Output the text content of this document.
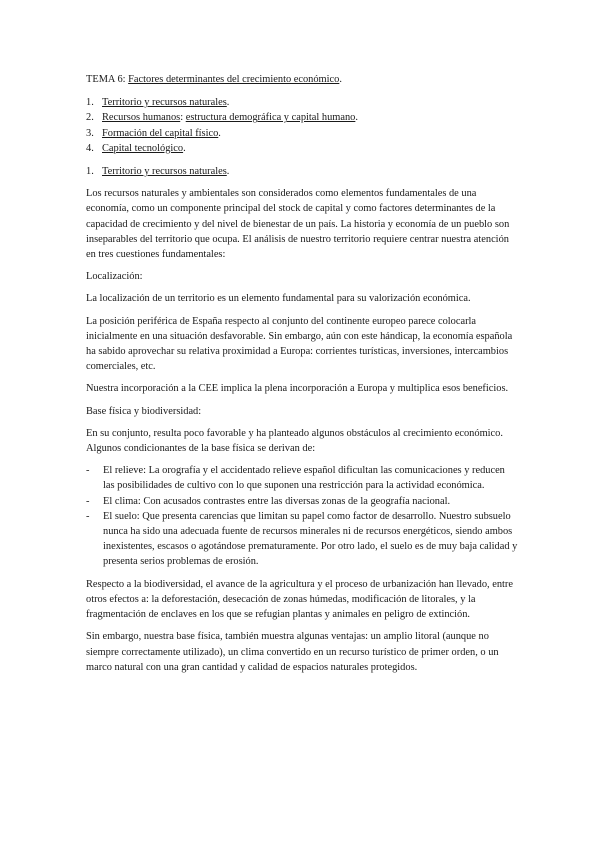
TEMA 6: Factores determinantes del crecimiento económico.
1. Territorio y recursos naturales.
2. Recursos humanos: estructura demográfica y capital humano.
3. Formación del capital físico.
4. Capital tecnológico.
1. Territorio y recursos naturales.

Los recursos naturales y ambientales son considerados como elementos fundamentales de una economía, como un componente principal del stock de capital y como factores determinantes de la capacidad de crecimiento y del nivel de bienestar de un país. La historia y economía de un pueblo son inseparables del territorio que ocupa. El análisis de nuestro territorio requiere centrar nuestra atención en tres cuestiones fundamentales:

Localización:

La localización de un territorio es un elemento fundamental para su valorización económica.

La posición periférica de España respecto al conjunto del continente europeo parece colocarla inicialmente en una situación desfavorable. Sin embargo, aún con este hándicap, la economía española ha sabido aprovechar su relativa proximidad a Europa: corrientes turísticas, inversiones, intercambios comerciales, etc.

Nuestra incorporación a la CEE implica la plena incorporación a Europa y multiplica esos beneficios.

Base física y biodiversidad:

En su conjunto, resulta poco favorable y ha planteado algunos obstáculos al crecimiento económico. Algunos condicionantes de la base física se derivan de:

-	El relieve: La orografía y el accidentado relieve español dificultan las comunicaciones y reducen las posibilidades de cultivo con lo que suponen una restricción para la actividad económica.
-	El clima: Con acusados contrastes entre las diversas zonas de la geografía nacional.
-	El suelo: Que presenta carencias que limitan su papel como factor de desarrollo. Nuestro subsuelo nunca ha sido una adecuada fuente de recursos minerales ni de recursos energéticos, siendo ambos inexistentes, escasos o agotándose prematuramente. Por otro lado, el suelo es de muy baja calidad y presenta serios problemas de erosión.

Respecto a la biodiversidad, el avance de la agricultura y el proceso de urbanización han llevado, entre otros efectos a: la deforestación, desecación de zonas húmedas, modificación de litorales, y la fragmentación de enclaves en los que se refugian plantas y animales en peligro de extinción.

Sin embargo, nuestra base física, también muestra algunas ventajas: un amplio litoral (aunque no siempre correctamente utilizado), un clima convertido en un recurso turístico de primer orden, o un marco natural con una gran cantidad y calidad de espacios naturales protegidos.
